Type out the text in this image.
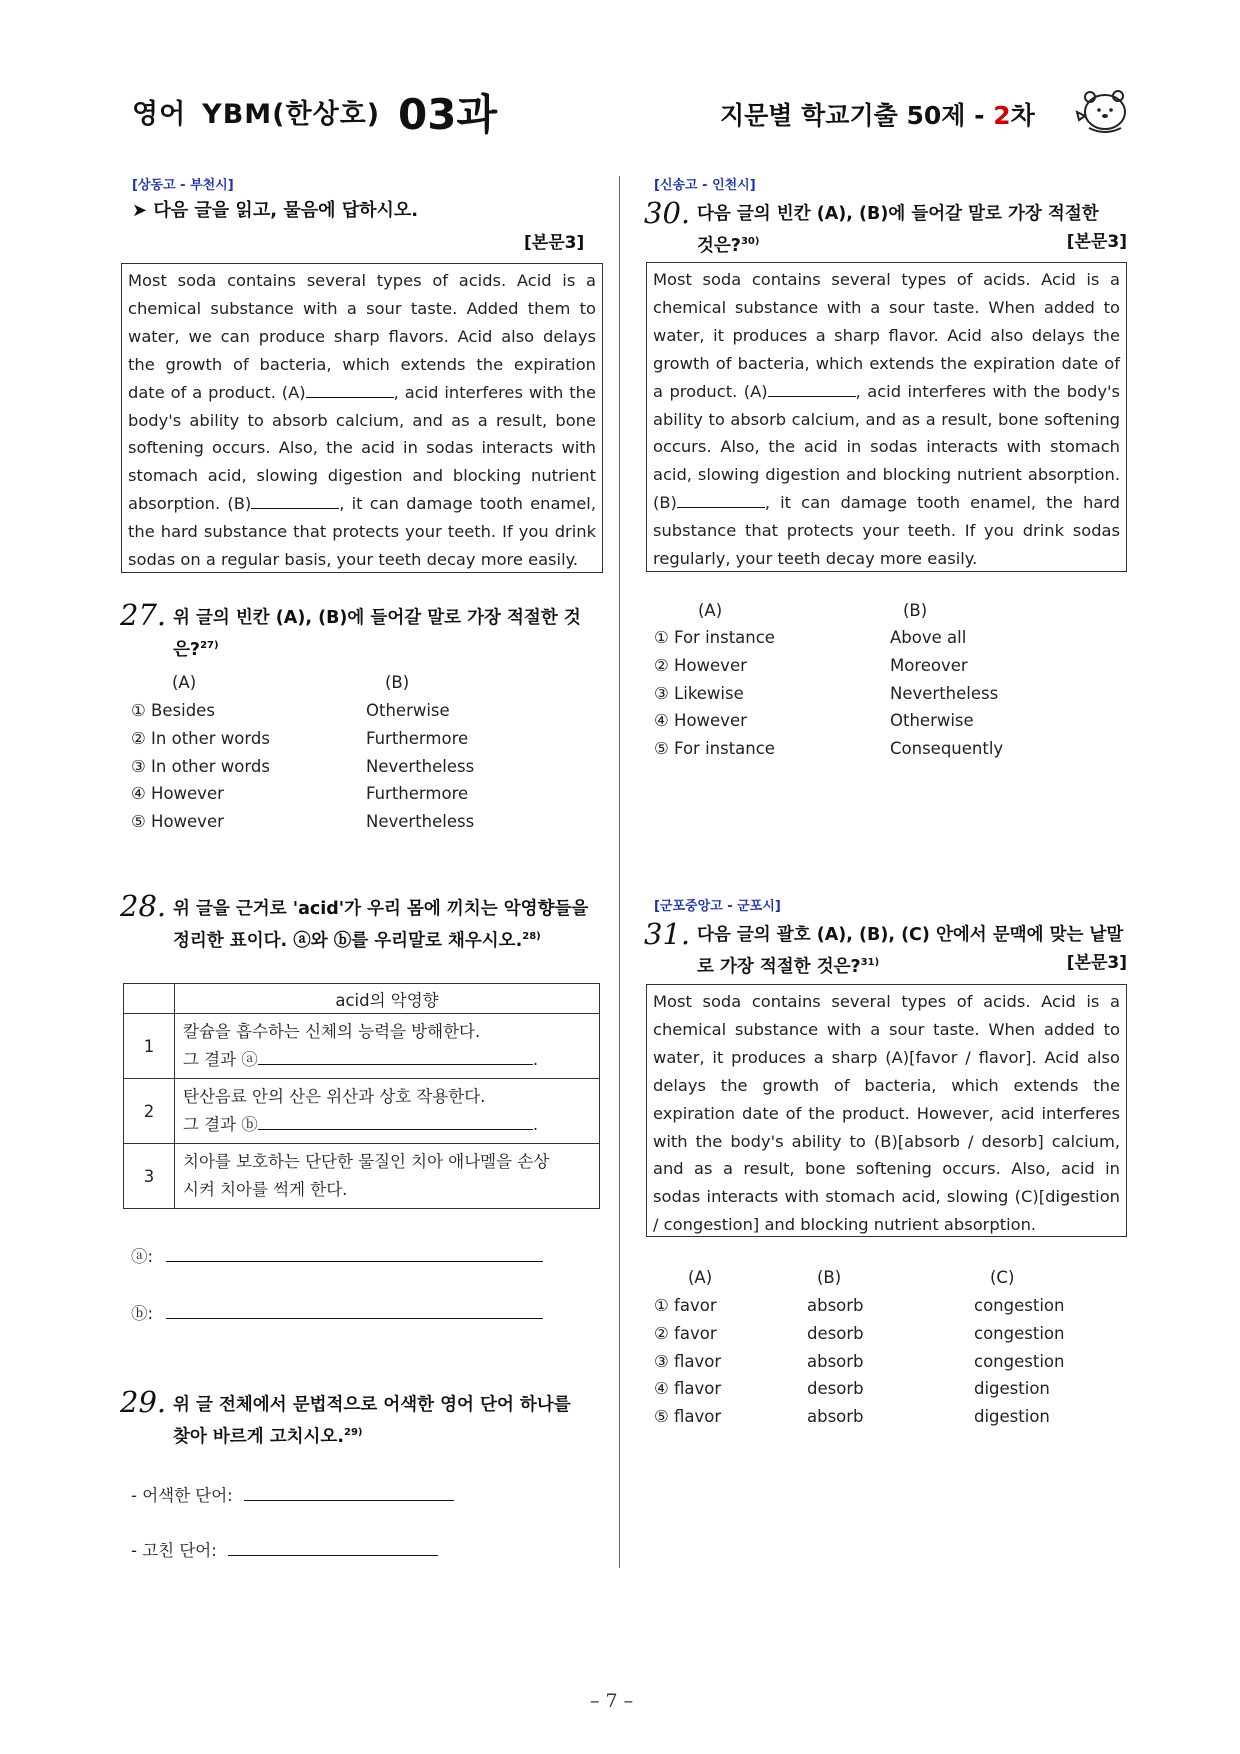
영어 YBM(한상호) 03과	지문별 학교기출 50제 - 2차
[상동고 - 부천시]
➤ 다음 글을 읽고, 물음에 답하시오.
[본문3]
Most soda contains several types of acids. Acid is a chemical substance with a sour taste. Added them to water, we can produce sharp flavors. Acid also delays the growth of bacteria, which extends the expiration date of a product. (A)	, acid interferes with the body's ability to absorb calcium, and as a result, bone softening occurs. Also, the acid in sodas interacts with stomach acid, slowing digestion and blocking nutrient absorption. (B)	, it can damage tooth enamel, the hard substance that protects your teeth. If you drink sodas on a regular basis, your teeth decay more easily.
27. 위 글의 빈칸 (A), (B)에 들어갈 말로 가장 적절한 것
은?$^{27)}$
(A)	(B)
① Besides	Otherwise
② In other words	Furthermore
③ In other words	Nevertheless
④ However	Furthermore
⑤ However	Nevertheless
28. 위 글을 근거로 'acid'가 우리 몸에 끼치는 악영향들을
정리한 표이다. ⓐ와 ⓑ를 우리말로 채우시오.$^{28)}$
	acid의 악영향
1	칼슘을 흡수하는 신체의 능력을 방해한다.
그 결과 ⓐ .

2	탄산음료 안의 산은 위산과 상호 작용한다.
그 결과 ⓑ .

3	치아를 보호하는 단단한 물질인 치아 애나멜을 손상
시켜 치아를 썩게 한다.
ⓐ:
ⓑ:
29. 위 글 전체에서 문법적으로 어색한 영어 단어 하나를
찾아 바르게 고치시오.$^{29)}$
- 어색한 단어:
- 고친 단어:
[신송고 - 인천시]
30. 다음 글의 빈칸 (A), (B)에 들어갈 말로 가장 적절한
것은?$^{30)}$	[본문3]
Most soda contains several types of acids. Acid is a chemical substance with a sour taste. When added to water, it produces a sharp flavor. Acid also delays the growth of bacteria, which extends the expiration date of a product. (A)	, acid interferes with the body's ability to absorb calcium, and as a result, bone softening occurs. Also, the acid in sodas interacts with stomach acid, slowing digestion and blocking nutrient absorption. (B)	, it can damage tooth enamel, the hard substance that protects your teeth. If you drink sodas regularly, your teeth decay more easily.
(A)	(B)
① For instance	Above all
② However	Moreover
③ Likewise	Nevertheless
④ However	Otherwise
⑤ For instance	Consequently
[군포중앙고 - 군포시]
31. 다음 글의 괄호 (A), (B), (C) 안에서 문맥에 맞는 낱말
로 가장 적절한 것은?$^{31)}$	[본문3]
Most soda contains several types of acids. Acid is a chemical substance with a sour taste. When added to water, it produces a sharp (A)[favor / flavor]. Acid also delays the growth of bacteria, which extends the expiration date of the product. However, acid interferes with the body's ability to (B)[absorb / desorb] calcium, and as a result, bone softening occurs. Also, acid in sodas interacts with stomach acid, slowing (C)[digestion / congestion] and blocking nutrient absorption.
(A)	(B)	(C)
① favor	absorb	congestion
② favor	desorb	congestion
③ flavor	absorb	congestion
④ flavor	desorb	digestion
⑤ flavor	absorb	digestion
– 7 –
